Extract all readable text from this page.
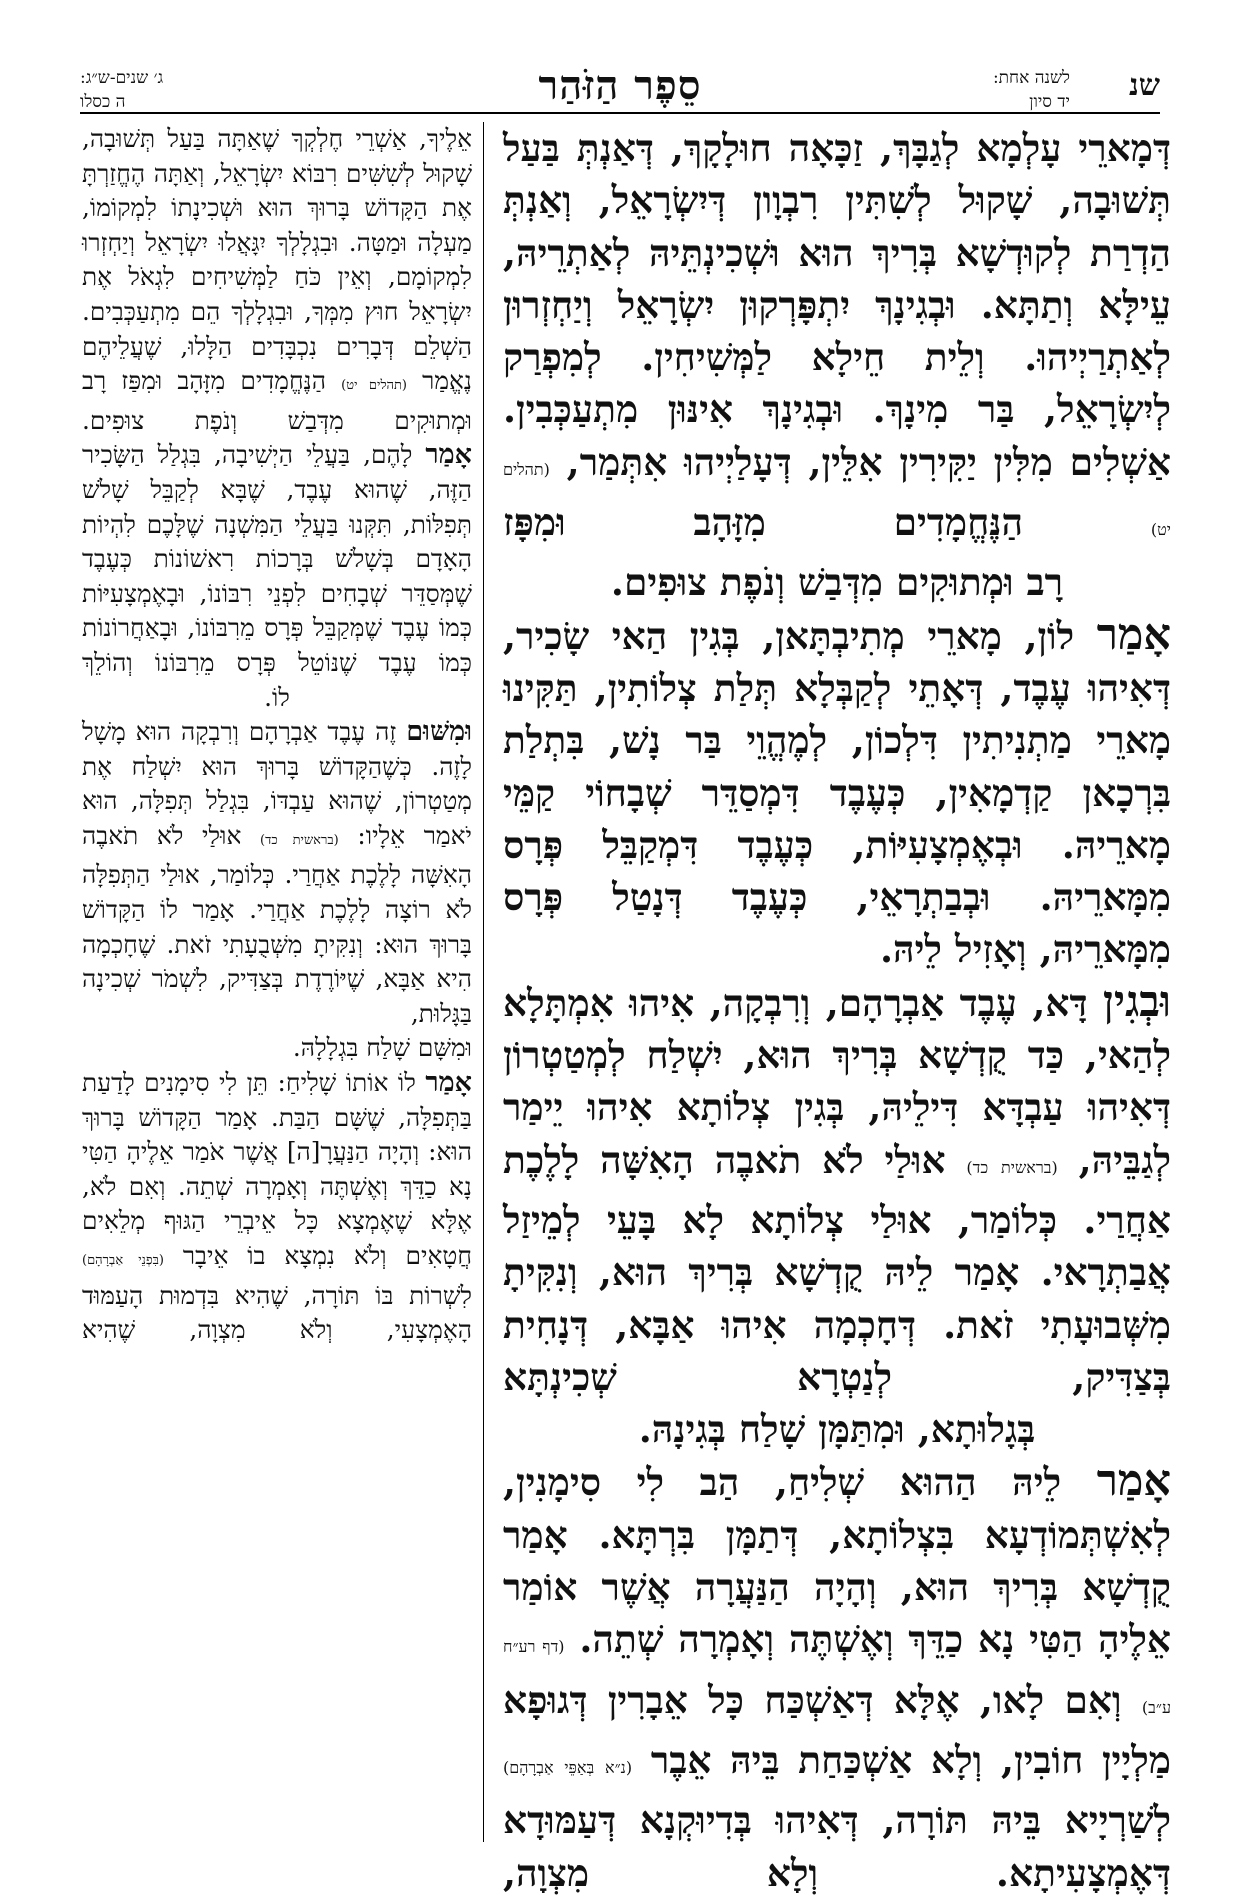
שנ
לשנה אחת:
יד סיון
סֵפֶר הַזֹּהַר
ג׳ שנים-ש״ג:
ה כסלו

דְּמָארֵי עָלְמָא לְגַבָּךְ, זַכָּאָה חוּלָקָךְ, דְּאַנְתְּ בַּעַל תְּשׁוּבָה, שָׁקוּל לְשִׁתִּין רִבְוָון דְּיִשְׂרָאֵל, וְאַנְתְּ הַדְרַת לְקוּדְשָׁא בְּרִיךְ הוּא וּשְׁכִינְתֵּיהּ לְאַתְרֵיהּ, עֵילָּא וְתַתָּא. וּבְגִינָךְ יִתְפָּרְקוּן יִשְׂרָאֵל וְיַחְזְרוּן לְאַתְרַיְיהוּ. וְלֵית חֵילָא לַמְּשִׁיחִין. לְמִפְרַק לְיִשְׂרָאֵל, בַּר מִינָךְ. וּבְגִינָךְ אִינּוּן מִתְעַכְּבִין. אַשְׁלִים מִלִּין יַקִּירִין אִלֵּין, דְּעָלַיְיהוּ אִתְּמַר, (תהלים יט) הַנֶּחֱמָדִים מִזָּהָב וּמִפָּז

רָב וּמְתוּקִים מִדְּבַשׁ וְנֹפֶת צוּפִים.

אָמַר לוֹן, מָארֵי מְתִיבְתָּאן, בְּגִין הַאי שָׂכִיר, דְּאִיהוּ עֶבֶד, דְּאָתֵי לְקַבְּלָא תְּלַת צְלוֹתִין, תַּקִּינוּ מָארֵי מַתְנִיתִין דִּלְכוֹן, לְמֶהֱוֵי בַּר נָשׁ, בִּתְלַת בִּרְכָאן קַדְמָאִין, כְּעֶבֶד דִּמְסַדֵּר שְׁבָחוֹי קַמֵּי מָארֵיהּ. וּבְאֶמְצָעִיּוֹת, כְּעֶבֶד דִּמְקַבֵּל פְּרָס מִמָּארֵיהּ. וּבְבַתְרָאֵי, כְּעֶבֶד דְּנָטַל פְּרָס

מִמָּארֵיהּ, וְאָזִיל לֵיהּ.

וּבְגִין דָּא, עֶבֶד אַבְרָהָם, וְרִבְקָה, אִיהוּ אִמְתָּלָא לְהַאי, כַּד קֻדְשָׁא בְּרִיךְ הוּא, יִשְׁלַח לְמְטַטְרוֹן דְּאִיהוּ עַבְדָּא דִּילֵיהּ, בְּגִין צְלוֹתָא אִיהוּ יֵימַר לְגַבֵּיהּ, (בראשית כד) אוּלַי לֹא תֹאבֶה הָאִשָּׁה לָלֶכֶת אַחֲרַי. כְּלוֹמַר, אוּלַי צְלוֹתָא לָא בָּעֵי לְמֵיזַל אֲבַתְרָאי. אָמַר לֵיהּ קֻדְשָׁא בְּרִיךְ הוּא, וְנִקִּיתָ מִשְּׁבוּעָתִי זֹאת. דְּחָכְמָה אִיהוּ אַבָּא, דְּנָחִית בְּצַדִּיק, לְנַטְרָא שְׁכִינְתָּא

בְּגָלוּתָא, וּמִתַּמָּן שָׁלַח בְּגִינָהּ.

אָמַר לֵיהּ הַהוּא שְׁלִיחַ, הַב לִי סִימָנִין, לְאִשְׁתְּמוֹדְעָא בִּצְלוֹתָא, דְּתַמָּן בִּרְתָּא. אָמַר קֻדְשָׁא בְּרִיךְ הוּא, וְהָיָה הַנַּעֲרָה אֲשֶׁר אוֹמַר אֵלֶיהָ הַטִּי נָא כַדֵּךְ וְאֶשְׁתֶּה וְאָמְרָה שְׁתֵה. (דף רע״ח ע״ב) וְאִם לָאו, אֶלָּא דְּאַשְׁכַּח כָּל אֵבָרִין דְּגוּפָא מַלְיָין חוֹבִין, וְלָא אַשְׁכַּחַת בֵּיהּ אֵבֶר (נ״א בְּאַפֵּי אַבְרָהָם) לְשַׁרְיָיא בֵּיהּ תּוֹרָה, דְּאִיהוּ בְּדִיוּקְנָא דְּעַמּוּדָא דְּאֶמְצָעִיתָא. וְלָא מִצְוָה,

אֵלֶיךָ, אַשְׁרֵי חֶלְקְךָ שֶׁאַתָּה בַּעַל תְּשׁוּבָה, שָׁקוּל לְשִׁשִּׁים רִבּוֹא יִשְׂרָאֵל, וְאַתָּה הֶחֱזַרְתָּ אֶת הַקָּדוֹשׁ בָּרוּךְ הוּא וּשְׁכִינָתוֹ לִמְקוֹמוֹ, מַעְלָה וּמַטָּה. וּבִגְלָלְךָ יִגָּאֲלוּ יִשְׂרָאֵל וְיַחְזְרוּ לִמְקוֹמָם, וְאֵין כֹּחַ לַמְּשִׁיחִים לִגְאֹל אֶת יִשְׂרָאֵל חוּץ מִמְּךָ, וּבִגְלָלְךָ הֵם מִתְעַכְּבִים. הַשְׁלֵם דְּבָרִים נִכְבָּדִים הַלָּלוּ, שֶׁעֲלֵיהֶם נֶאֱמַר (תהלים יט) הַנֶּחֱמָדִים מִזָּהָב וּמִפַּז רָב וּמְתוּקִים מִדְּבַשׁ וְנֹפֶת צוּפִים.

אָמַר לָהֶם, בַּעֲלֵי הַיְשִׁיבָה, בִּגְלַל הַשָּׂכִיר הַזֶּה, שֶׁהוּא עֶבֶד, שֶׁבָּא לְקַבֵּל שָׁלֹשׁ תְּפִלּוֹת, תִּקְּנוּ בַּעֲלֵי הַמִּשְׁנָה שֶׁלָּכֶם לִהְיוֹת הָאָדָם בְּשָׁלֹשׁ בְּרָכוֹת רִאשׁוֹנוֹת כְּעֶבֶד שֶׁמְּסַדֵּר שְׁבָחִים לִפְנֵי רִבּוֹנוֹ, וּבָאֶמְצָעִיּוֹת כְּמוֹ עֶבֶד שֶׁמְּקַבֵּל פְּרָס מֵרִבּוֹנוֹ, וּבָאַחֲרוֹנוֹת כְּמוֹ עֶבֶד שֶׁנּוֹטֵל פְּרָס מֵרִבּוֹנוֹ וְהוֹלֵךְ

לוֹ.

וּמִשּׁוּם זֶה עֶבֶד אַבְרָהָם וְרִבְקָה הוּא מָשָׁל לָזֶה. כְּשֶׁהַקָּדוֹשׁ בָּרוּךְ הוּא יִשְׁלַח אֶת מְטַטְרוֹן, שֶׁהוּא עַבְדּוֹ, בִּגְלַל תְּפִלָּה, הוּא יֹאמַר אֵלָיו: (בראשית כד) אוּלַי לֹא תֹאבֶה הָאִשָּׁה לָלֶכֶת אַחֲרַי. כְּלוֹמַר, אוּלַי הַתְּפִלָּה לֹא רוֹצָה לָלֶכֶת אַחֲרַי. אָמַר לוֹ הַקָּדוֹשׁ בָּרוּךְ הוּא: וְנִקִּיתָ מִשְּׁבֻעָתִי זֹאת. שֶׁחָכְמָה הִיא אַבָּא, שֶׁיּוֹרֶדֶת בְּצַדִּיק, לִשְׁמֹר שְׁכִינָה בַּגָּלוּת,

וּמִשָּׁם שָׁלַח בִּגְלָלָהּ.

אָמַר לוֹ אוֹתוֹ שָׁלִיחַ: תֵּן לִי סִימָנִים לָדַעַת בַּתְּפִלָּה, שֶׁשָּׁם הַבַּת. אָמַר הַקָּדוֹשׁ בָּרוּךְ הוּא: וְהָיָה הַנַּעֲרָ[ה] אֲשֶׁר אֹמַר אֵלֶיהָ הַטִּי נָא כַדֵּךְ וְאֶשְׁתֶּה וְאָמְרָה שְׁתֵה. וְאִם לֹא, אֶלָּא שֶׁאֶמְצָא כָּל אֵיבְרֵי הַגּוּף מְלֵאִים חֲטָאִים וְלֹא נִמְצָא בוֹ אֵיבָר (בִּפְנֵי אַבְרָהָם) לִשְׁרוֹת בּוֹ תּוֹרָה, שֶׁהִיא בִּדְמוּת הָעַמּוּד הָאֶמְצָעִי, וְלֹא מִצְוָה, שֶׁהִיא
